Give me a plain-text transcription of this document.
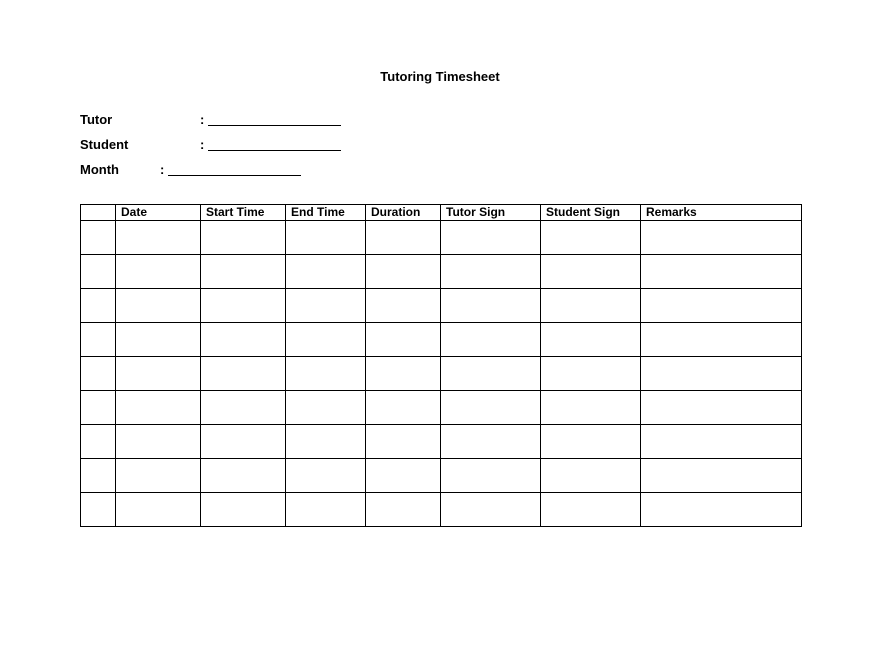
Tutoring Timesheet
Tutor	:
Student	:
Month	:
	Date	Start Time	End Time	Duration	Tutor Sign	Student Sign	Remarks
